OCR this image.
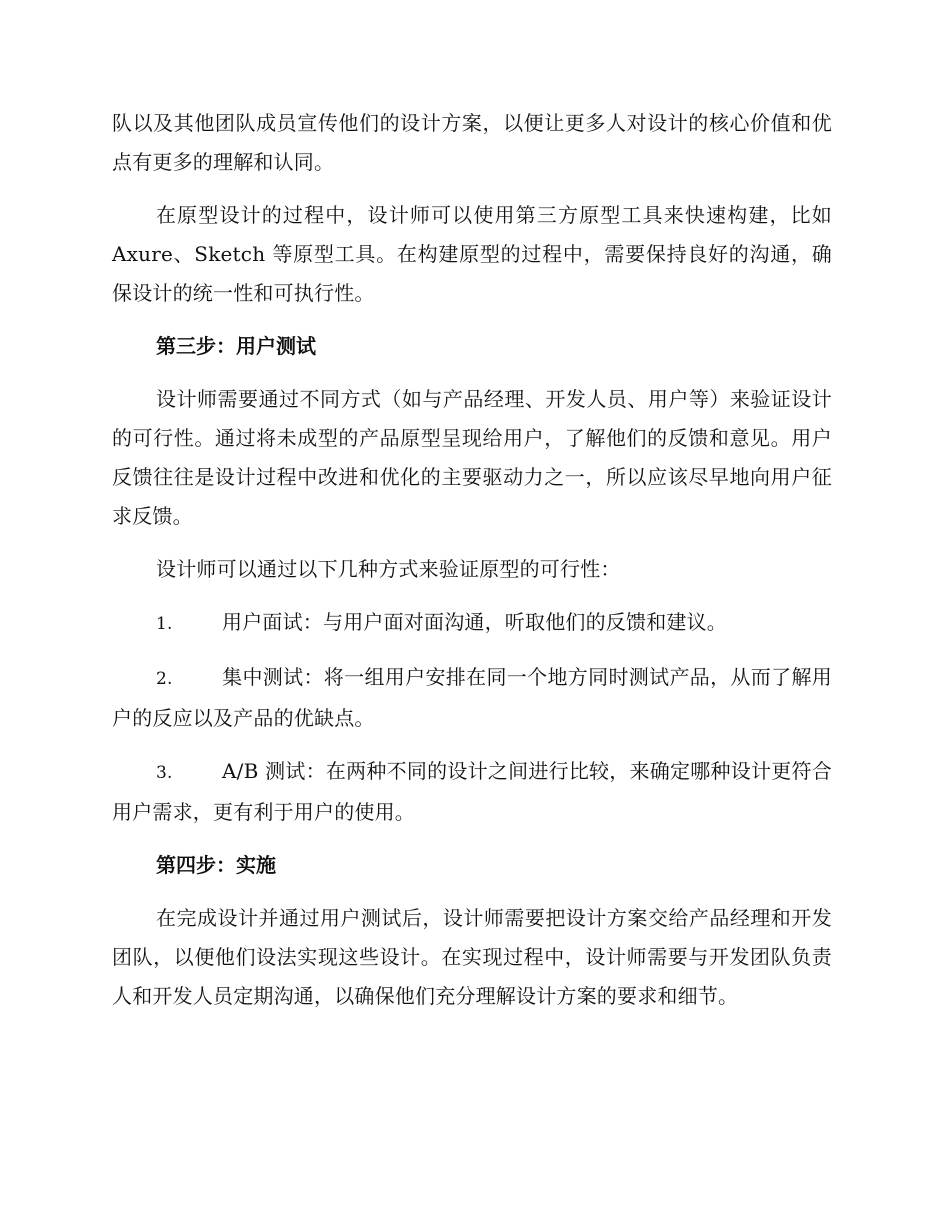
队以及其他团队成员宣传他们的设计方案，以便让更多人对设计的核心价值和优点有更多的理解和认同。

在原型设计的过程中，设计师可以使用第三方原型工具来快速构建，比如 Axure、Sketch 等原型工具。在构建原型的过程中，需要保持良好的沟通，确保设计的统一性和可执行性。

第三步：用户测试

设计师需要通过不同方式（如与产品经理、开发人员、用户等）来验证设计的可行性。通过将未成型的产品原型呈现给用户，了解他们的反馈和意见。用户反馈往往是设计过程中改进和优化的主要驱动力之一，所以应该尽早地向用户征求反馈。

设计师可以通过以下几种方式来验证原型的可行性：

1. 用户面试：与用户面对面沟通，听取他们的反馈和建议。

2. 集中测试：将一组用户安排在同一个地方同时测试产品，从而了解用户的反应以及产品的优缺点。

3. A/B 测试：在两种不同的设计之间进行比较，来确定哪种设计更符合用户需求，更有利于用户的使用。

第四步：实施

在完成设计并通过用户测试后，设计师需要把设计方案交给产品经理和开发团队，以便他们设法实现这些设计。在实现过程中，设计师需要与开发团队负责人和开发人员定期沟通，以确保他们充分理解设计方案的要求和细节。
